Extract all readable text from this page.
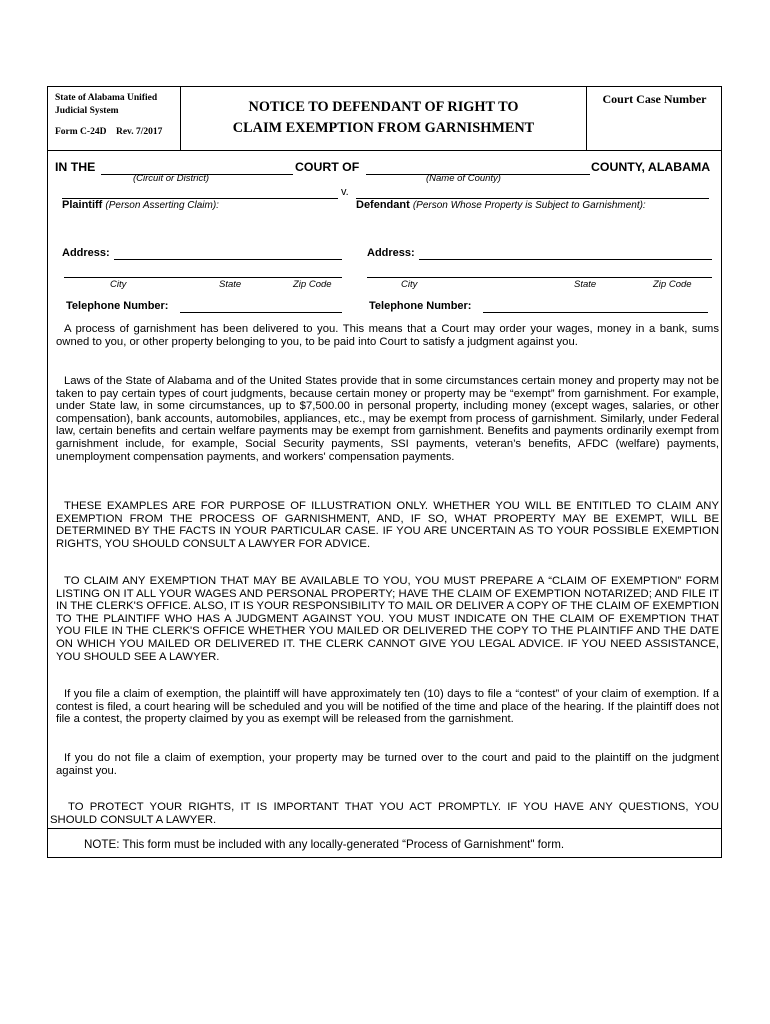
State of Alabama Unified
Judicial System
Form C-24D Rev. 7/2017
NOTICE TO DEFENDANT OF RIGHT TO
CLAIM EXEMPTION FROM GARNISHMENT
Court Case Number
IN THE	COURT OF	COUNTY, ALABAMA
(Circuit or District)	(Name of County)
v.
Plaintiff (Person Asserting Claim):	Defendant (Person Whose Property is Subject to Garnishment):
Address:
City	State	Zip Code
Telephone Number:
Address:
City	State	Zip Code
Telephone Number:
A process of garnishment has been delivered to you. This means that a Court may order your wages, money in a bank, sums owned to you, or other property belonging to you, to be paid into Court to satisfy a judgment against you.
Laws of the State of Alabama and of the United States provide that in some circumstances certain money and property may not be taken to pay certain types of court judgments, because certain money or property may be “exempt” from garnishment. For example, under State law, in some circumstances, up to $7,500.00 in personal property, including money (except wages, salaries, or other compensation), bank accounts, automobiles, appliances, etc., may be exempt from process of garnishment. Similarly, under Federal law, certain benefits and certain welfare payments may be exempt from garnishment. Benefits and payments ordinarily exempt from garnishment include, for example, Social Security payments, SSI payments, veteran’s benefits, AFDC (welfare) payments, unemployment compensation payments, and workers' compensation payments.
THESE EXAMPLES ARE FOR PURPOSE OF ILLUSTRATION ONLY. WHETHER YOU WILL BE ENTITLED TO CLAIM ANY EXEMPTION FROM THE PROCESS OF GARNISHMENT, AND, IF SO, WHAT PROPERTY MAY BE EXEMPT, WILL BE DETERMINED BY THE FACTS IN YOUR PARTICULAR CASE. IF YOU ARE UNCERTAIN AS TO YOUR POSSIBLE EXEMPTION RIGHTS, YOU SHOULD CONSULT A LAWYER FOR ADVICE.
TO CLAIM ANY EXEMPTION THAT MAY BE AVAILABLE TO YOU, YOU MUST PREPARE A “CLAIM OF EXEMPTION” FORM LISTING ON IT ALL YOUR WAGES AND PERSONAL PROPERTY; HAVE THE CLAIM OF EXEMPTION NOTARIZED; AND FILE IT IN THE CLERK'S OFFICE. ALSO, IT IS YOUR RESPONSIBILITY TO MAIL OR DELIVER A COPY OF THE CLAIM OF EXEMPTION TO THE PLAINTIFF WHO HAS A JUDGMENT AGAINST YOU. YOU MUST INDICATE ON THE CLAIM OF EXEMPTION THAT YOU FILE IN THE CLERK'S OFFICE WHETHER YOU MAILED OR DELIVERED THE COPY TO THE PLAINTIFF AND THE DATE ON WHICH YOU MAILED OR DELIVERED IT. THE CLERK CANNOT GIVE YOU LEGAL ADVICE. IF YOU NEED ASSISTANCE, YOU SHOULD SEE A LAWYER.
If you file a claim of exemption, the plaintiff will have approximately ten (10) days to file a “contest” of your claim of exemption. If a contest is filed, a court hearing will be scheduled and you will be notified of the time and place of the hearing. If the plaintiff does not file a contest, the property claimed by you as exempt will be released from the garnishment.
If you do not file a claim of exemption, your property may be turned over to the court and paid to the plaintiff on the judgment against you.
TO PROTECT YOUR RIGHTS, IT IS IMPORTANT THAT YOU ACT PROMPTLY. IF YOU HAVE ANY QUESTIONS, YOU SHOULD CONSULT A LAWYER.
NOTE: This form must be included with any locally-generated “Process of Garnishment" form.
